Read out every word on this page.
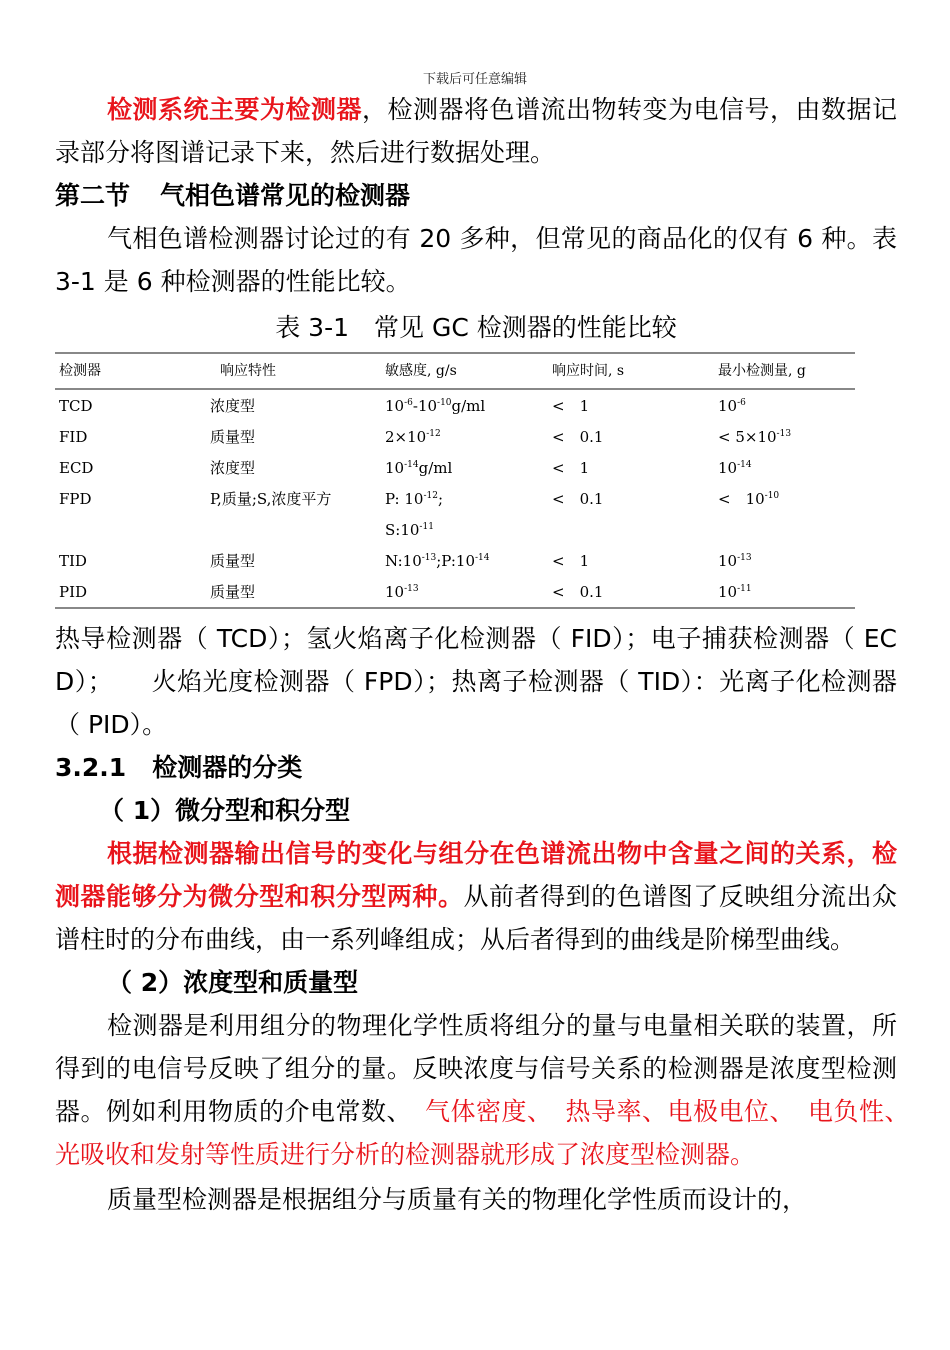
下载后可任意编辑

检测系统主要为检测器，检测器将色谱流出物转变为电信号，由数据记录部分将图谱记录下来，然后进行数据处理。

第二节 气相色谱常见的检测器

气相色谱检测器讨论过的有 20 多种，但常见的商品化的仅有 6 种。表 3-1 是 6 种检测器的性能比较。

表 3-1　常见 GC 检测器的性能比较

检测器	响应特性	敏感度, g/s	响应时间, s	最小检测量, g
TCD	浓度型	$10^{-6}-10^{-10}g/ml$	<　1	$10^{-6}$
FID	质量型	$2\times 10^{-12}$	<　0.1	< $5\times 10^{-13}$
ECD	浓度型	$10^{-14}g/ml$	<　1	$10^{-14}$
FPD	P,质量;S,浓度平方	P: $10^{-12}$;	<　0.1	<　$10^{-10}$
		$S:10^{-11}$		
TID	质量型	$N:10^{-13};P:10^{-14}$	<　1	$10^{-13}$
PID	质量型	$10^{-13}$	<　0.1	$10^{-11}$

热导检测器（ TCD）；氢火焰离子化检测器（ FID）；电子捕获检测器（ ECD）；　　火焰光度检测器（ FPD）；热离子检测器（ TID）：光离子化检测器（ PID）。

3.2.1 检测器的分类

（ 1）微分型和积分型

根据检测器输出信号的变化与组分在色谱流出物中含量之间的关系，检测器能够分为微分型和积分型两种。从前者得到的色谱图了反映组分流出众谱柱时的分布曲线，由一系列峰组成；从后者得到的曲线是阶梯型曲线。

（ 2）浓度型和质量型

检测器是利用组分的物理化学性质将组分的量与电量相关联的装置，所得到的电信号反映了组分的量。反映浓度与信号关系的检测器是浓度型检测器。例如利用物质的介电常数、　气体密度、　热导率、电极电位、　电负性、　光吸收和发射等性质进行分析的检测器就形成了浓度型检测器。

质量型检测器是根据组分与质量有关的物理化学性质而设计的，
